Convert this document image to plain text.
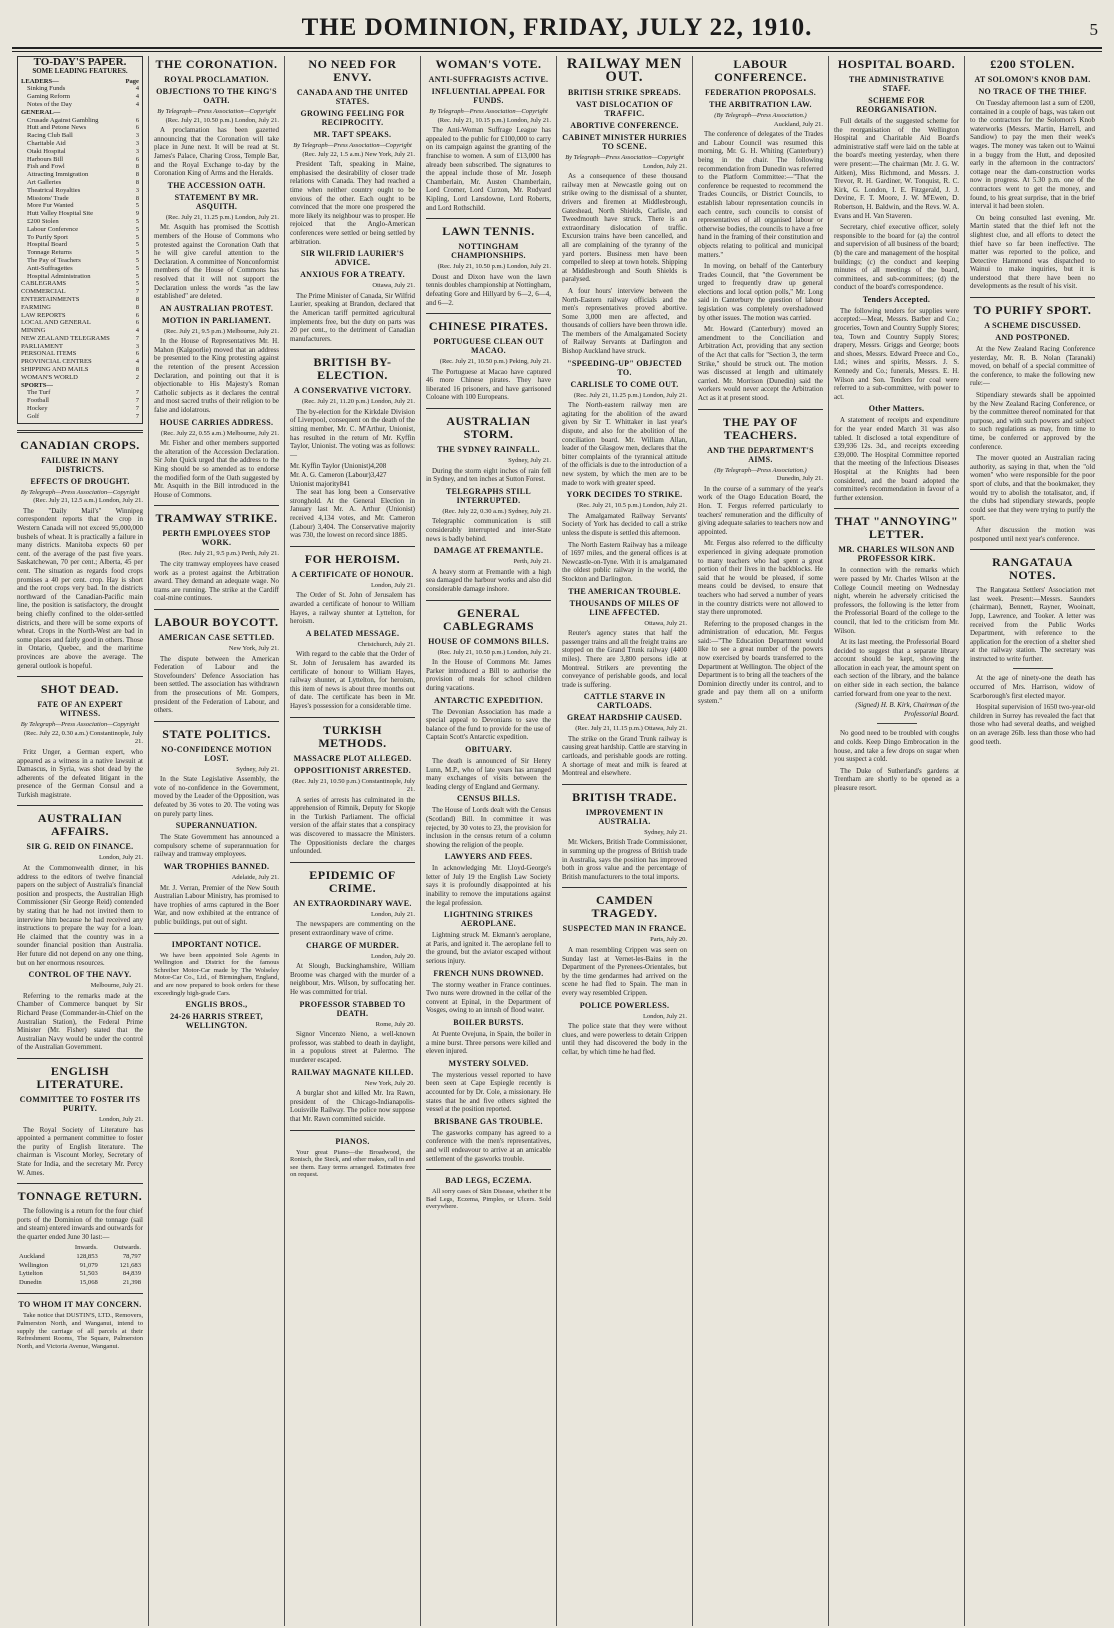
THE DOMINION, FRIDAY, JULY 22, 1910.	5
TO-DAY'S PAPER.
SOME LEADING FEATURES.
LEADERS—	Page
Sinking Funds	4
Gaming Reform	4
Notes of the Day	4
GENERAL—
Crusade Against Gambling	6
Hutt and Petone News	6
Racing Club Ball	3
Charitable Aid	3
Otaki Hospital	3
Harbours Bill	6
Fish and Fowl	8
Attracting Immigration	8
Art Galleries	8
Theatrical Royalties	3
Missions' Trade	8
More Fur Wanted	5
Hutt Valley Hospital Site	9
£200 Stolen	5
Labour Conference	5
To Purify Sport	5
Hospital Board	5
Tonnage Returns	5
The Pay of Teachers	5
Anti-Suffragettes	5
Hospital Administration	5
CABLEGRAMS	5
COMMERCIAL	7
ENTERTAINMENTS	8
FARMING	8
LAW REPORTS	6
LOCAL AND GENERAL	6
MINING	4
NEW ZEALAND TELEGRAMS	7
PARLIAMENT	3
PERSONAL ITEMS	6
PROVINCIAL CENTRES	4
SHIPPING AND MAILS	8
WOMAN'S WORLD	2
SPORTS—
The Turf	7
Football	7
Hockey	7
Golf	7
CANADIAN CROPS.
FAILURE IN MANY DISTRICTS.
EFFECTS OF DROUGHT.
By Telegraph—Press Association—Copyright
(Rec. July 21, 12.5 a.m.) London, July 21.

The "Daily Mail's" Winnipeg correspondent reports that the crop in Western Canada will not exceed 95,000,000 bushels of wheat. It is practically a failure in many districts. Manitoba expects 60 per cent. of the average of the past five years. Saskatchewan, 70 per cent.; Alberta, 45 per cent. The situation as regards food crops promises a 40 per cent. crop. Hay is short and the root crops very bad. In the districts northward of the Canadian-Pacific main line, the position is satisfactory, the drought being chiefly confined to the older-settled districts, and there will be some exports of wheat. Crops in the North-West are bad in some places and fairly good in others. Those in Ontario, Quebec, and the maritime provinces are above the average. The general outlook is hopeful.

SHOT DEAD.
FATE OF AN EXPERT WITNESS.
By Telegraph—Press Association—Copyright
(Rec. July 22, 0.30 a.m.) Constantinople, July 21.

Fritz Unger, a German expert, who appeared as a witness in a native lawsuit at Damascus, in Syria, was shot dead by the adherents of the defeated litigant in the presence of the German Consul and a Turkish magistrate.

AUSTRALIAN AFFAIRS.
SIR G. REID ON FINANCE.
London, July 21.

At the Commonwealth dinner, in his address to the editors of twelve financial papers on the subject of Australia's financial position and prospects, the Australian High Commissioner (Sir George Reid) contended by stating that he had not invited them to interview him because he had received any instructions to prepare the way for a loan. He claimed that the country was in a sounder financial position than Australia. Her future did not depend on any one thing, but on her enormous resources.

CONTROL OF THE NAVY.
Melbourne, July 21.

Referring to the remarks made at the Chamber of Commerce banquet by Sir Richard Pease (Commander-in-Chief on the Australian Station), the Federal Prime Minister (Mr. Fisher) stated that the Australian Navy would be under the control of the Australian Government.

ENGLISH LITERATURE.
COMMITTEE TO FOSTER ITS PURITY.
London, July 21.

The Royal Society of Literature has appointed a permanent committee to foster the purity of English literature. The chairman is Viscount Morley, Secretary of State for India, and the secretary Mr. Percy W. Ames.

TONNAGE RETURN.

The following is a return for the four chief ports of the Dominion of the tonnage (sail and steam) entered inwards and outwards for the quarter ended June 30 last:—

	Inwards.	Outwards.
Auckland	128,853	78,797
Wellington	91,079	121,683
Lyttelton	51,503	84,839
Dunedin	15,068	21,398
TO WHOM IT MAY CONCERN.

Take notice that DUSTIN'S, LTD., Removers, Palmerston North, and Wanganui, intend to supply the carriage of all parcels at their Refreshment Rooms, The Square, Palmerston North, and Victoria Avenue, Wanganui.

THE CORONATION.
ROYAL PROCLAMATION.
OBJECTIONS TO THE KING'S OATH.
By Telegraph—Press Association—Copyright
(Rec. July 21, 10.50 p.m.) London, July 21.

A proclamation has been gazetted announcing that the Coronation will take place in June next. It will be read at St. James's Palace, Charing Cross, Temple Bar, and the Royal Exchange to-day by the Coronation King of Arms and the Heralds.

THE ACCESSION OATH.
STATEMENT BY MR. ASQUITH.
(Rec. July 21, 11.25 p.m.) London, July 21.

Mr. Asquith has promised the Scottish members of the House of Commons who protested against the Coronation Oath that he will give careful attention to the Declaration. A committee of Nonconformist members of the House of Commons has resolved that it will not support the Declaration unless the words "as the law established" are deleted.

AN AUSTRALIAN PROTEST.
MOTION IN PARLIAMENT.
(Rec. July 21, 9.5 p.m.) Melbourne, July 21.

In the House of Representatives Mr. H. Mahon (Kalgoorlie) moved that an address be presented to the King protesting against the retention of the present Accession Declaration, and pointing out that it is objectionable to His Majesty's Roman Catholic subjects as it declares the central and most sacred truths of their religion to be false and idolatrous.

HOUSE CARRIES ADDRESS.
(Rec. July 22, 0.55 a.m.) Melbourne, July 21.

Mr. Fisher and other members supported the alteration of the Accession Declaration. Sir John Quick urged that the address to the King should be so amended as to endorse the modified form of the Oath suggested by Mr. Asquith in the Bill introduced in the House of Commons.

TRAMWAY STRIKE.
PERTH EMPLOYEES STOP WORK.
(Rec. July 21, 9.5 p.m.) Perth, July 21.

The city tramway employees have ceased work as a protest against the Arbitration award. They demand an adequate wage. No trams are running. The strike at the Cardiff coal-mine continues.

LABOUR BOYCOTT.
AMERICAN CASE SETTLED.
New York, July 21.

The dispute between the American Federation of Labour and the Stovefounders' Defence Association has been settled. The association has withdrawn from the prosecutions of Mr. Gompers, president of the Federation of Labour, and others.

STATE POLITICS.
NO-CONFIDENCE MOTION LOST.
Sydney, July 21.

In the State Legislative Assembly, the vote of no-confidence in the Government, moved by the Leader of the Opposition, was defeated by 36 votes to 20. The voting was on purely party lines.

SUPERANNUATION.

The State Government has announced a compulsory scheme of superannuation for railway and tramway employees.

WAR TROPHIES BANNED.
Adelaide, July 21.

Mr. J. Verran, Premier of the New South Australian Labour Ministry, has promised to have trophies of arms captured in the Boer War, and now exhibited at the entrance of public buildings, put out of sight.

IMPORTANT NOTICE.

We have been appointed Sole Agents in Wellington and District for the famous Schreiber Motor-Car made by The Wolseley Motor-Car Co., Ltd., of Birmingham, England, and are now prepared to book orders for these exceedingly high-grade Cars.

ENGLIS BROS.,
24-26 HARRIS STREET, WELLINGTON.
NO NEED FOR ENVY.
CANADA AND THE UNITED STATES.
GROWING FEELING FOR RECIPROCITY.
MR. TAFT SPEAKS.
By Telegraph—Press Association—Copyright
(Rec. July 22, 1.5 a.m.) New York, July 21.

President Taft, speaking in Maine, emphasised the desirability of closer trade relations with Canada. They had reached a time when neither country ought to be envious of the other. Each ought to be convinced that the more one prospered the more likely its neighbour was to prosper. He rejoiced that the Anglo-American conferences were settled or being settled by arbitration.

SIR WILFRID LAURIER'S ADVICE.
ANXIOUS FOR A TREATY.
Ottawa, July 21.

The Prime Minister of Canada, Sir Wilfrid Laurier, speaking at Brandon, declared that the American tariff permitted agricultural implements free, but the duty on parts was 20 per cent., to the detriment of Canadian manufacturers.

BRITISH BY-ELECTION.
A CONSERVATIVE VICTORY.
(Rec. July 21, 11.20 p.m.) London, July 21.

The by-election for the Kirkdale Division of Liverpool, consequent on the death of the sitting member, Mr. C. M'Arthur, Unionist, has resulted in the return of Mr. Kyffin Taylor, Unionist. The voting was as follows:—

Mr. Kyffin Taylor (Unionist)4,208
Mr. A. G. Cameron (Labour)3,427
Unionist majority841

The seat has long been a Conservative stronghold. At the General Election in January last Mr. A. Arthur (Unionist) received 4,134 votes, and Mr. Cameron (Labour) 3,404. The Conservative majority was 730, the lowest on record since 1885.

FOR HEROISM.
A CERTIFICATE OF HONOUR.
London, July 21.

The Order of St. John of Jerusalem has awarded a certificate of honour to William Hayes, a railway shunter at Lyttelton, for heroism.

A BELATED MESSAGE.
Christchurch, July 21.

With regard to the cable that the Order of St. John of Jerusalem has awarded its certificate of honour to William Hayes, railway shunter, at Lyttelton, for heroism, this item of news is about three months out of date. The certificate has been in Mr. Hayes's possession for a considerable time.

TURKISH METHODS.
MASSACRE PLOT ALLEGED.
OPPOSITIONIST ARRESTED.
(Rec. July 21, 10.50 p.m.) Constantinople, July 21.

A series of arrests has culminated in the apprehension of Rimnik, Deputy for Skopje in the Turkish Parliament. The official version of the affair states that a conspiracy was discovered to massacre the Ministers. The Oppositionists declare the charges unfounded.

EPIDEMIC OF CRIME.
AN EXTRAORDINARY WAVE.
London, July 21.

The newspapers are commenting on the present extraordinary wave of crime.

CHARGE OF MURDER.
London, July 20.

At Slough, Buckinghamshire, William Broome was charged with the murder of a neighbour, Mrs. Wilson, by suffocating her. He was committed for trial.

PROFESSOR STABBED TO DEATH.
Rome, July 20.

Signor Vincenzo Nieno, a well-known professor, was stabbed to death in daylight, in a populous street at Palermo. The murderer escaped.

RAILWAY MAGNATE KILLED.
New York, July 20.

A burglar shot and killed Mr. Ira Rawn, president of the Chicago-Indianapolis-Louisville Railway. The police now suppose that Mr. Rawn committed suicide.

PIANOS.

Your great Piano—the Broadwood, the Ronisch, the Steck, and other makes, call in and see them. Easy terms arranged. Estimates free on request.

WOMAN'S VOTE.
ANTI-SUFFRAGISTS ACTIVE.
INFLUENTIAL APPEAL FOR FUNDS.
By Telegraph—Press Association—Copyright
(Rec. July 21, 10.15 p.m.) London, July 21.

The Anti-Woman Suffrage League has appealed to the public for £100,000 to carry on its campaign against the granting of the franchise to women. A sum of £13,000 has already been subscribed. The signatures to the appeal include those of Mr. Joseph Chamberlain, Mr. Austen Chamberlain, Lord Cromer, Lord Curzon, Mr. Rudyard Kipling, Lord Lansdowne, Lord Roberts, and Lord Rothschild.

LAWN TENNIS.
NOTTINGHAM CHAMPIONSHIPS.
(Rec. July 21, 10.50 p.m.) London, July 21.

Doust and Dixon have won the lawn tennis doubles championship at Nottingham, defeating Gore and Hillyard by 6—2, 6—4, and 6—2.

CHINESE PIRATES.
PORTUGUESE CLEAN OUT MACAO.
(Rec. July 21, 10.50 p.m.) Peking, July 21.

The Portuguese at Macao have captured 46 more Chinese pirates. They have liberated 16 prisoners, and have garrisoned Coloane with 100 Europeans.

AUSTRALIAN STORM.
THE SYDNEY RAINFALL.
Sydney, July 21.

During the storm eight inches of rain fell in Sydney, and ten inches at Sutton Forest.

TELEGRAPHS STILL INTERRUPTED.
(Rec. July 22, 0.30 a.m.) Sydney, July 21.

Telegraphic communication is still considerably interrupted and inter-State news is badly behind.

DAMAGE AT FREMANTLE.
Perth, July 21.

A heavy storm at Fremantle with a high sea damaged the harbour works and also did considerable damage inshore.

GENERAL CABLEGRAMS
HOUSE OF COMMONS BILLS.
(Rec. July 21, 10.50 p.m.) London, July 21.

In the House of Commons Mr. James Parker introduced a Bill to authorise the provision of meals for school children during vacations.

ANTARCTIC EXPEDITION.

The Devonian Association has made a special appeal to Devonians to save the balance of the fund to provide for the use of Captain Scott's Antarctic expedition.

OBITUARY.

The death is announced of Sir Henry Lunn, M.P., who of late years has arranged many exchanges of visits between the leading clergy of England and Germany.

CENSUS BILLS.

The House of Lords dealt with the Census (Scotland) Bill. In committee it was rejected, by 30 votes to 23, the provision for inclusion in the census return of a column showing the religion of the people.

LAWYERS AND FEES.

In acknowledging Mr. Lloyd-George's letter of July 19 the English Law Society says it is profoundly disappointed at his inability to remove the imputations against the legal profession.

LIGHTNING STRIKES AEROPLANE.

Lightning struck M. Ekmann's aeroplane, at Paris, and ignited it. The aeroplane fell to the ground, but the aviator escaped without serious injury.

FRENCH NUNS DROWNED.

The stormy weather in France continues. Two nuns were drowned in the cellar of the convent at Epinal, in the Department of Vosges, owing to an inrush of flood water.

BOILER BURSTS.

At Puente Ovejuna, in Spain, the boiler in a mine burst. Three persons were killed and eleven injured.

MYSTERY SOLVED.

The mysterious vessel reported to have been seen at Cape Espiegle recently is accounted for by Dr. Cole, a missionary. He states that he and five others sighted the vessel at the position reported.

BRISBANE GAS TROUBLE.

The gasworks company has agreed to a conference with the men's representatives, and will endeavour to arrive at an amicable settlement of the gasworks trouble.

BAD LEGS, ECZEMA.

All sorry cases of Skin Disease, whether it be Bad Legs, Eczema, Pimples, or Ulcers. Sold everywhere.

RAILWAY MEN OUT.
BRITISH STRIKE SPREADS.
VAST DISLOCATION OF TRAFFIC.
ABORTIVE CONFERENCE.
CABINET MINISTER HURRIES TO SCENE.
By Telegraph—Press Association—Copyright
London, July 21.

As a consequence of these thousand railway men at Newcastle going out on strike owing to the dismissal of a shunter, drivers and firemen at Middlesbrough, Gateshead, North Shields, Carlisle, and Tweedmouth have struck. There is an extraordinary dislocation of traffic. Excursion trains have been cancelled, and all are complaining of the tyranny of the yard porters. Business men have been compelled to sleep at town hotels. Shipping at Middlesbrough and South Shields is paralysed.

A four hours' interview between the North-Eastern railway officials and the men's representatives proved abortive. Some 3,000 men are affected, and thousands of colliers have been thrown idle. The members of the Amalgamated Society of Railway Servants at Darlington and Bishop Auckland have struck.

"SPEEDING-UP" OBJECTED TO.
CARLISLE TO COME OUT.
(Rec. July 21, 11.25 p.m.) London, July 21.

The North-eastern railway men are agitating for the abolition of the award given by Sir T. Whittaker in last year's dispute, and also for the abolition of the conciliation board. Mr. William Allan, leader of the Glasgow men, declares that the bitter complaints of the tyrannical attitude of the officials is due to the introduction of a new system, by which the men are to be made to work with greater speed.

YORK DECIDES TO STRIKE.
(Rec. July 21, 10.5 p.m.) London, July 21.

The Amalgamated Railway Servants' Society of York has decided to call a strike unless the dispute is settled this afternoon.

The North Eastern Railway has a mileage of 1697 miles, and the general offices is at Newcastle-on-Tyne. With it is amalgamated the oldest public railway in the world, the Stockton and Darlington.

THE AMERICAN TROUBLE.
THOUSANDS OF MILES OF LINE AFFECTED.
Ottawa, July 21.

Reuter's agency states that half the passenger trains and all the freight trains are stopped on the Grand Trunk railway (4400 miles). There are 3,800 persons idle at Montreal. Strikers are preventing the conveyance of perishable goods, and local trade is suffering.

CATTLE STARVE IN CARTLOADS.
GREAT HARDSHIP CAUSED.
(Rec. July 21, 11.15 p.m.) Ottawa, July 21.

The strike on the Grand Trunk railway is causing great hardship. Cattle are starving in cartloads, and perishable goods are rotting. A shortage of meat and milk is feared at Montreal and elsewhere.

BRITISH TRADE.
IMPROVEMENT IN AUSTRALIA.
Sydney, July 21.

Mr. Wickers, British Trade Commissioner, in summing up the progress of British trade in Australia, says the position has improved both in gross value and the percentage of British manufacturers to the total imports.

CAMDEN TRAGEDY.
SUSPECTED MAN IN FRANCE.
Paris, July 20.

A man resembling Crippen was seen on Sunday last at Vernet-les-Bains in the Department of the Pyrenees-Orientales, but by the time gendarmes had arrived on the scene he had fled to Spain. The man in every way resembled Crippen.

POLICE POWERLESS.
London, July 21.

The police state that they were without clues, and were powerless to detain Crippen until they had discovered the body in the cellar, by which time he had fled.

LABOUR CONFERENCE.
FEDERATION PROPOSALS.
THE ARBITRATION LAW.
(By Telegraph—Press Association.)
Auckland, July 21.

The conference of delegates of the Trades and Labour Council was resumed this morning, Mr. G. H. Whiting (Canterbury) being in the chair. The following recommendation from Dunedin was referred to the Platform Committee:—"That the conference be requested to recommend the Trades Councils, or District Councils, to establish labour representation councils in each centre, such councils to consist of representatives of all organised labour or otherwise bodies, the councils to have a free hand in the framing of their constitution and objects relating to political and municipal matters."

In moving, on behalf of the Canterbury Trades Council, that "the Government be urged to frequently draw up general elections and local option polls," Mr. Long said in Canterbury the question of labour legislation was completely overshadowed by other issues. The motion was carried.

Mr. Howard (Canterbury) moved an amendment to the Conciliation and Arbitration Act, providing that any section of the Act that calls for "Section 3, the term Strike," should be struck out. The motion was discussed at length and ultimately carried. Mr. Morrison (Dunedin) said the workers would never accept the Arbitration Act as it at present stood.

THE PAY OF TEACHERS.
AND THE DEPARTMENT'S AIMS.
(By Telegraph—Press Association.)
Dunedin, July 21.

In the course of a summary of the year's work of the Otago Education Board, the Hon. T. Fergus referred particularly to teachers' remuneration and the difficulty of giving adequate salaries to teachers now and appointed.

Mr. Fergus also referred to the difficulty experienced in giving adequate promotion to many teachers who had spent a great portion of their lives in the backblocks. He said that he would be pleased, if some means could be devised, to ensure that teachers who had served a number of years in the country districts were not allowed to stay there unpromoted.

Referring to the proposed changes in the administration of education, Mr. Fergus said:—"The Education Department would like to see a great number of the powers now exercised by boards transferred to the Department at Wellington. The object of the Department is to bring all the teachers of the Dominion directly under its control, and to grade and pay them all on a uniform system."

HOSPITAL BOARD.
THE ADMINISTRATIVE STAFF.
SCHEME FOR REORGANISATION.

Full details of the suggested scheme for the reorganisation of the Wellington Hospital and Charitable Aid Board's administrative staff were laid on the table at the board's meeting yesterday, when there were present:—The chairman (Mr. J. G. W. Aitken), Miss Richmond, and Messrs. J. Trevor, R. H. Gardiner, W. Tonquist, R. C. Kirk, G. London, I. E. Fitzgerald, J. J. Devine, F. T. Moore, J. W. M'Ewen, D. Robertson, H. Baldwin, and the Revs. W. A. Evans and H. Van Staveren.

Secretary, chief executive officer, solely responsible to the board for (a) the control and supervision of all business of the board; (b) the care and management of the hospital buildings; (c) the conduct and keeping minutes of all meetings of the board, committees, and sub-committees; (d) the conduct of the board's correspondence.

Tenders Accepted.

The following tenders for supplies were accepted:—Meat, Messrs. Barber and Co.; groceries, Town and Country Supply Stores; tea, Town and Country Supply Stores; drapery, Messrs. Griggs and George; boots and shoes, Messrs. Edward Preece and Co., Ltd.; wines and spirits, Messrs. J. S. Kennedy and Co.; funerals, Messrs. E. H. Wilson and Son. Tenders for coal were referred to a sub-committee, with power to act.

Other Matters.

A statement of receipts and expenditure for the year ended March 31 was also tabled. It disclosed a total expenditure of £39,936 12s. 3d., and receipts exceeding £39,000. The Hospital Committee reported that the meeting of the Infectious Diseases Hospital at the Knights had been considered, and the board adopted the committee's recommendation in favour of a further extension.

THAT "ANNOYING" LETTER.
MR. CHARLES WILSON AND PROFESSOR KIRK.

In connection with the remarks which were passed by Mr. Charles Wilson at the College Council meeting on Wednesday night, wherein he adversely criticised the professors, the following is the letter from the Professorial Board of the college to the council, that led to the criticism from Mr. Wilson.

At its last meeting, the Professorial Board decided to suggest that a separate library account should be kept, showing the allocation in each year, the amount spent on each section of the library, and the balance on either side in each section, the balance carried forward from one year to the next.

(Signed) H. B. Kirk, Chairman of the Professorial Board.

No good need to be troubled with coughs and colds. Keep Dingo Embrocation in the house, and take a few drops on sugar when you suspect a cold.

The Duke of Sutherland's gardens at Trentham are shortly to be opened as a pleasure resort.

£200 STOLEN.
AT SOLOMON'S KNOB DAM.
NO TRACE OF THE THIEF.

On Tuesday afternoon last a sum of £200, contained in a couple of bags, was taken out to the contractors for the Solomon's Knob waterworks (Messrs. Martin, Harrell, and Sandiow) to pay the men their week's wages. The money was taken out to Wainui in a buggy from the Hutt, and deposited early in the afternoon in the contractors' cottage near the dam-construction works now in progress. At 5.30 p.m. one of the contractors went to get the money, and found, to his great surprise, that in the brief interval it had been stolen.

On being consulted last evening, Mr. Martin stated that the thief left not the slightest clue, and all efforts to detect the thief have so far been ineffective. The matter was reported to the police, and Detective Hammond was dispatched to Wainui to make inquiries, but it is understood that there have been no developments as the result of his visit.

TO PURIFY SPORT.
A SCHEME DISCUSSED.
AND POSTPONED.

At the New Zealand Racing Conference yesterday, Mr. R. B. Nolan (Taranaki) moved, on behalf of a special committee of the conference, to make the following new rule:—

Stipendiary stewards shall be appointed by the New Zealand Racing Conference, or by the committee thereof nominated for that purpose, and with such powers and subject to such regulations as may, from time to time, be conferred or approved by the conference.

The mover quoted an Australian racing authority, as saying in that, when the "old women" who were responsible for the poor sport of clubs, and that the bookmaker, they would try to abolish the totalisator, and, if the clubs had stipendiary stewards, people could see that they were trying to purify the sport.

After discussion the motion was postponed until next year's conference.

RANGATAUA NOTES.

The Rangataua Settlers' Association met last week. Present:—Messrs. Saunders (chairman), Bennett, Rayner, Wooinatt, Jopp, Lawrence, and Tooker. A letter was received from the Public Works Department, with reference to the application for the erection of a shelter shed at the railway station. The secretary was instructed to write further.

At the age of ninety-one the death has occurred of Mrs. Harrison, widow of Scarborough's first elected mayor.

Hospital supervision of 1650 two-year-old children in Surrey has revealed the fact that those who had several deaths, and weighed on an average 26lb. less than those who had good teeth.
